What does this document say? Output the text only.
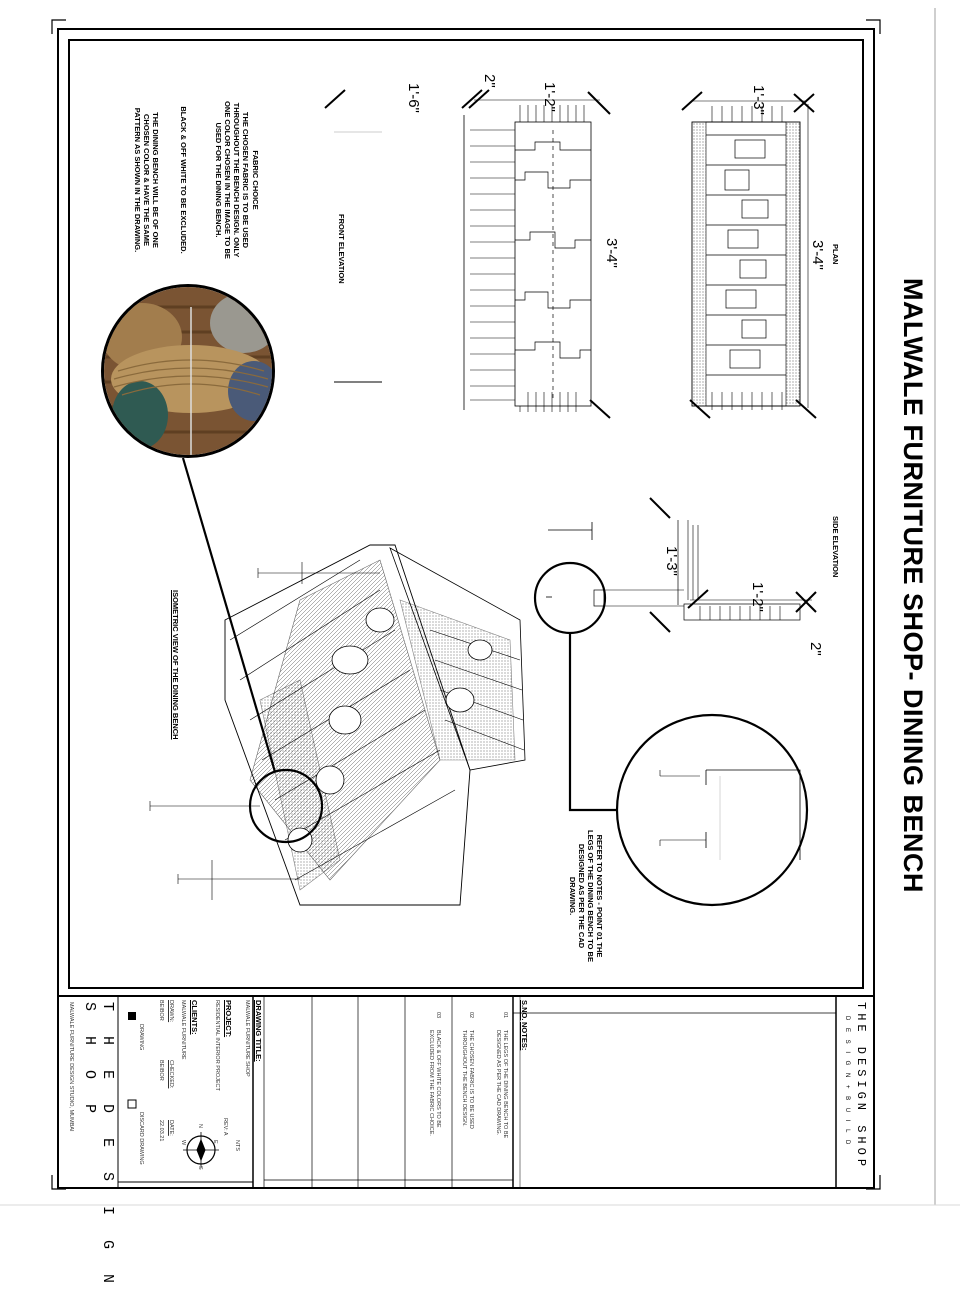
MALWALE FURNITURE SHOP- DINING BENCH
1'-6"
2"
1'-2"
3'-4"
1'-3"
3'-4"
1'-3"
1'-2"
2"
PLAN
FRONT ELEVATION
SIDE ELEVATION
ISOMETRIC VIEW OF THE DINING BENCH
FABRIC CHOICE
THE CHOSEN FABRIC IS TO BE USED THROUGHOUT THE BENCH DESIGN. ONLY ONE COLOR CHOSEN IN THE IMAGE TO BE USED FOR THE DINING BENCH.
BLACK & OFF WHITE TO BE EXCLUDED.
THE DINING BENCH WILL BE OF ONE CHOSEN COLOR & HAVE THE SAME PATTERN AS SHOWN IN THE DRAWING.
REFER TO NOTES - POINT 01 THE LEGS OF THE DINING BENCH TO BE DESIGNED AS PER THE CAD DRAWING.
THE DESIGN SHOP
D E S I G N + B U I L D
S.NO.
NOTES:
01
THE LEGS OF THE DINING BENCH TO BE DESIGNED AS PER THE CAD DRAWING.
02
THE CHOSEN FABRIC IS TO BE USED THROUGHOUT THE BENCH DESIGN.
03
BLACK & OFF WHITE COLORS TO BE EXCLUDED FROM THE FABRIC CHOICE.
DRAWING TITLE:
MALWALE FURNITURE SHOP
PROJECT:
RESIDENTIAL INTERIOR PROJECT
REV: A
CLIENTS:
MALWALE FURNITURE
DRAWN:
CHECKED:
DATE:
BEIBOR
BEIBOR
22.03.21
E
W
N
S
NTS
DRAWING
DISCARD DRAWING
T H E D E S I G N
S H O P
MALWALE FURNITURE DESIGN STUDIO, MUMBAI
